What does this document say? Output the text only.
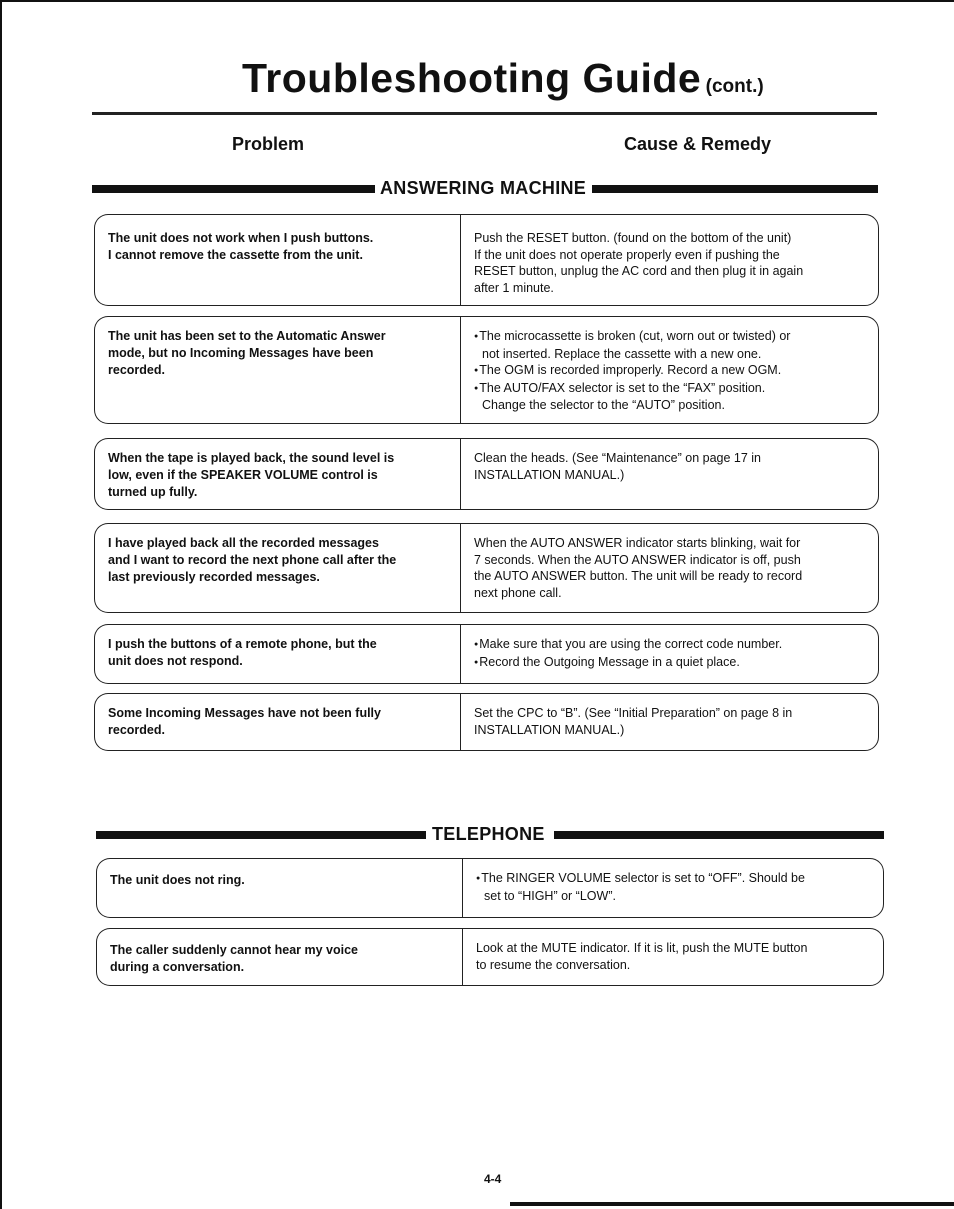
Troubleshooting Guide (cont.)
Problem	Cause & Remedy
ANSWERING MACHINE
The unit does not work when I push buttons.
I cannot remove the cassette from the unit.
Push the RESET button. (found on the bottom of the unit)
If the unit does not operate properly even if pushing the
RESET button, unplug the AC cord and then plug it in again
after 1 minute.
The unit has been set to the Automatic Answer
mode, but no Incoming Messages have been
recorded.
● The microcassette is broken (cut, worn out or twisted) or
not inserted. Replace the cassette with a new one.
● The OGM is recorded improperly. Record a new OGM.
● The AUTO/FAX selector is set to the “FAX” position.
Change the selector to the “AUTO” position.
When the tape is played back, the sound level is
low, even if the SPEAKER VOLUME control is
turned up fully.
Clean the heads. (See “Maintenance” on page 17 in
INSTALLATION MANUAL.)
I have played back all the recorded messages
and I want to record the next phone call after the
last previously recorded messages.
When the AUTO ANSWER indicator starts blinking, wait for
7 seconds. When the AUTO ANSWER indicator is off, push
the AUTO ANSWER button. The unit will be ready to record
next phone call.
I push the buttons of a remote phone, but the
unit does not respond.
● Make sure that you are using the correct code number.
● Record the Outgoing Message in a quiet place.
Some Incoming Messages have not been fully
recorded.
Set the CPC to “B”. (See “Initial Preparation” on page 8 in
INSTALLATION MANUAL.)
TELEPHONE
The unit does not ring.
●	The RINGER VOLUME selector is set to “OFF”. Should be
set to “HIGH” or “LOW”.
The caller suddenly cannot hear my voice
during a conversation.
Look at the MUTE indicator. If it is lit, push the MUTE button
to resume the conversation.
4-4
